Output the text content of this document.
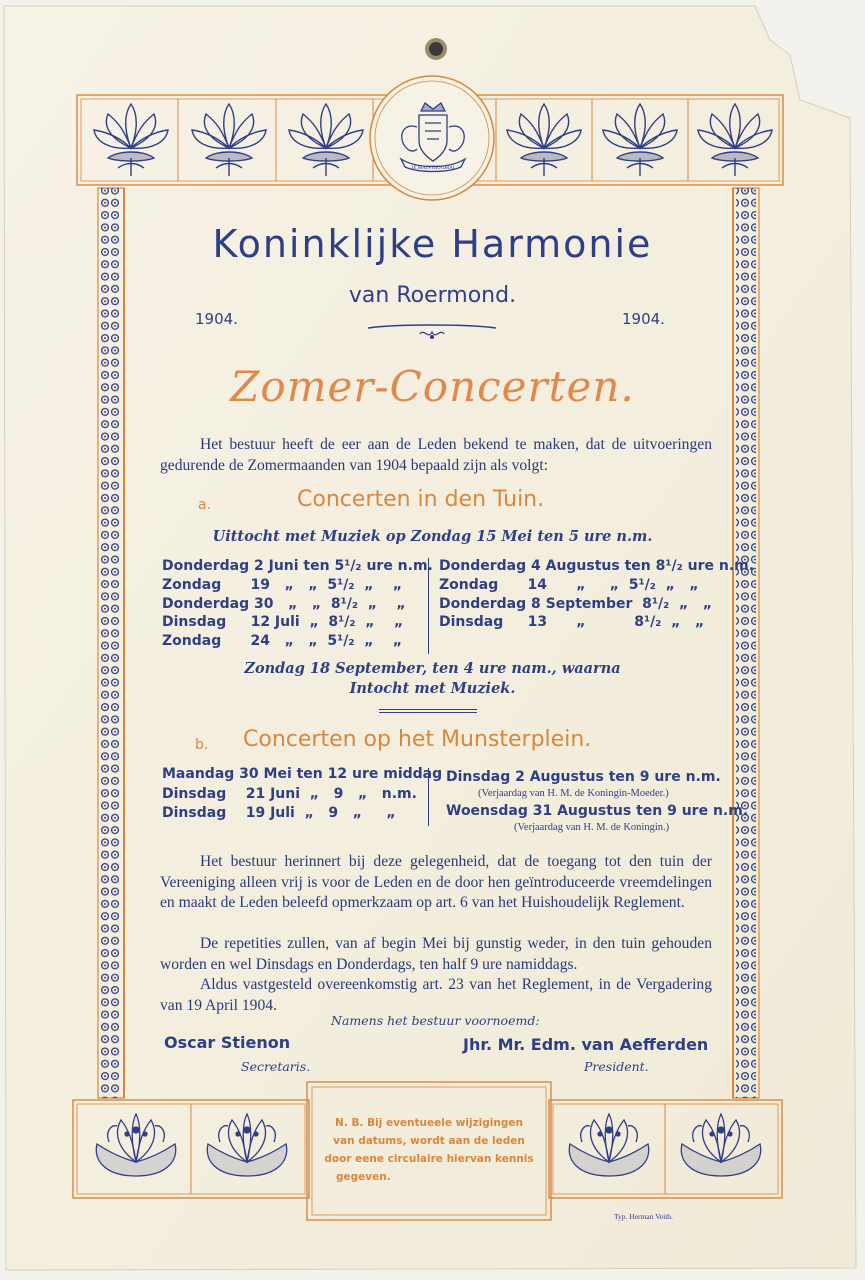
JE MAINTIENDRAI
Koninklijke Harmonie
van Roermond.
1904.	1904.
Zomer-Concerten.
Het bestuur heeft de eer aan de Leden bekend te maken, dat de uitvoeringen gedurende de Zomermaanden van 1904 bepaald zijn als volgt:
a.	Concerten in den Tuin.
Uittocht met Muziek op Zondag 15 Mei ten 5 ure n.m.
Donderdag 2 Juni ten 5¹/₂ ure n.m.
Zondag      19   „   „  5¹/₂  „    „
Donderdag 30   „   „  8¹/₂  „    „
Dinsdag     12 Juli  „  8¹/₂  „    „
Zondag      24   „   „  5¹/₂  „    „
Donderdag 4 Augustus ten 8¹/₂ ure n.m.
Zondag      14      „     „  5¹/₂  „   „
Donderdag 8 September  8¹/₂  „   „
Dinsdag     13      „          8¹/₂  „   „
Zondag 18 September, ten 4 ure nam., waarna
Intocht met Muziek.
b. Concerten op het Munsterplein.
Maandag 30 Mei ten 12 ure middag
Dinsdag    21 Juni  „   9   „   n.m.
Dinsdag    19 Juli  „   9   „     „
Dinsdag 2 Augustus ten 9 ure n.m.
(Verjaardag van H. M. de Koningin-Moeder.)
Woensdag 31 Augustus ten 9 ure n.m.
(Verjaardag van H. M. de Koningin.)
Het bestuur herinnert bij deze gelegenheid, dat de toegang tot den tuin der Vereeniging alleen vrij is voor de Leden en de door hen geïntroduceerde vreemdelingen en maakt de Leden beleefd opmerkzaam op art. 6 van het Huishoudelijk Reglement.
De repetities zullen, van af begin Mei bij gunstig weder, in den tuin gehouden worden en wel Dinsdags en Donderdags, ten half 9 ure namiddags.
Aldus vastgesteld overeenkomstig art. 23 van het Reglement, in de Vergadering van 19 April 1904.
Namens het bestuur voornoemd:
Oscar Stienon
Secretaris.
Jhr. Mr. Edm. van Aefferden
President.
N. B. Bij eventueele wijzigingen
van datums, wordt aan de leden
door eene circulaire hiervan kennis
gegeven.
Typ. Herman Veith.
